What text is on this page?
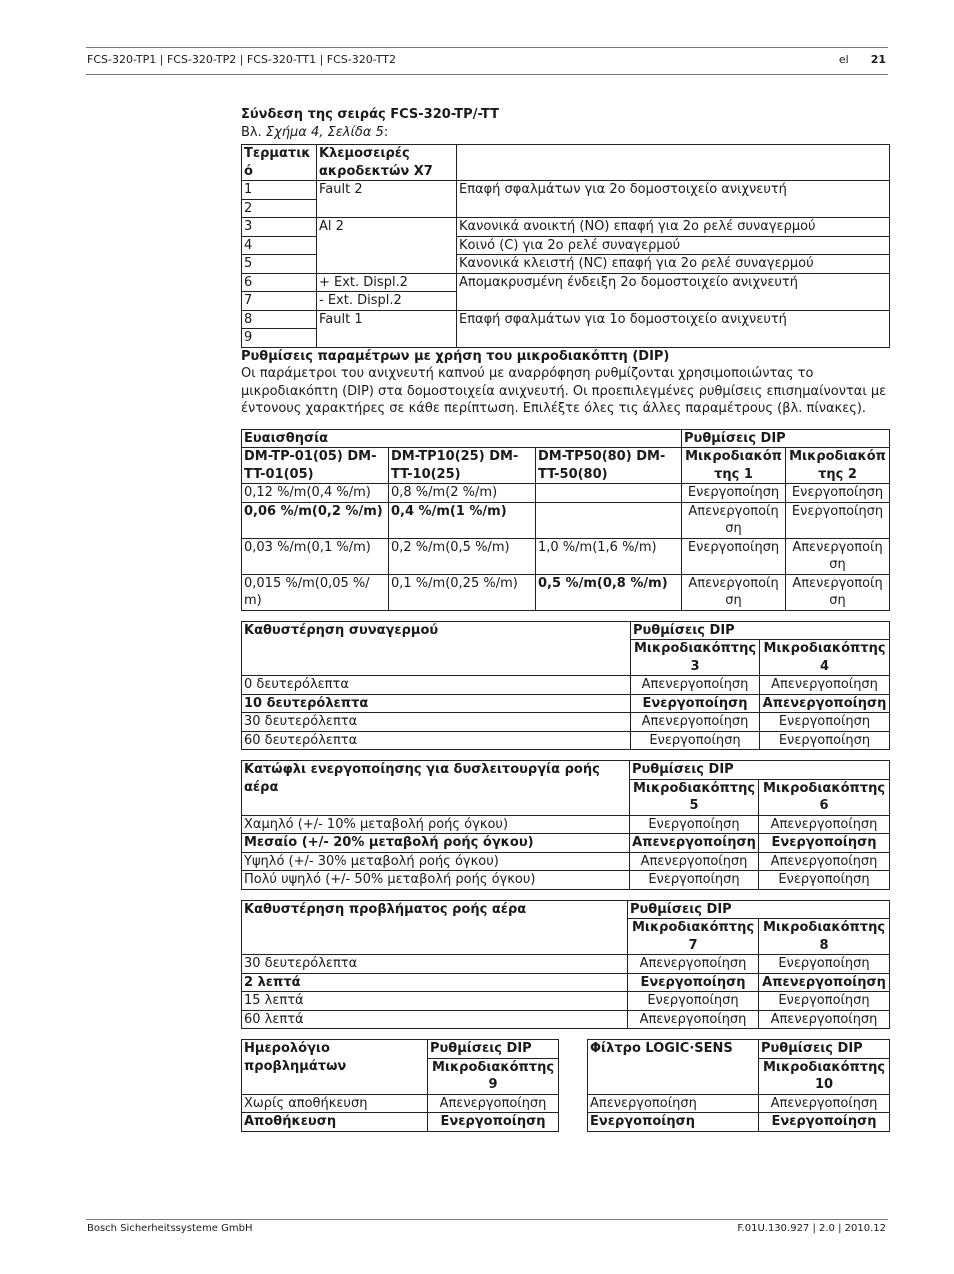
FCS-320-TP1 | FCS-320-TP2 | FCS-320-TT1 | FCS-320-TT2	el 21
Σύνδεση της σειράς FCS-320-TP/-TT

Βλ. Σχήμα 4, Σελίδα 5:

Τερματικ ό	Κλεμοσειρές ακροδεκτών X7	
1	Fault 2	Επαφή σφαλμάτων για 2ο δομοστοιχείο ανιχνευτή
2		
3	Al 2	Κανονικά ανοικτή (NO) επαφή για 2ο ρελέ συναγερμού
4		Κοινό (C) για 2ο ρελέ συναγερμού
5		Κανονικά κλειστή (NC) επαφή για 2ο ρελέ συναγερμού
6	+ Ext. Displ.2	Απομακρυσμένη ένδειξη 2ο δομοστοιχείο ανιχνευτή
7	- Ext. Displ.2	
8	Fault 1	Επαφή σφαλμάτων για 1ο δομοστοιχείο ανιχνευτή
9		
Ρυθμίσεις παραμέτρων με χρήση του μικροδιακόπτη (DIP)

Οι παράμετροι του ανιχνευτή καπνού με αναρρόφηση ρυθμίζονται χρησιμοποιώντας το μικροδιακόπτη (DIP) στα δομοστοιχεία ανιχνευτή. Οι προεπιλεγμένες ρυθμίσεις επισημαίνονται με έντονους χαρακτήρες σε κάθε περίπτωση. Επιλέξτε όλες τις άλλες παραμέτρους (βλ. πίνακες).

Ευαισθησία			Ρυθμίσεις DIP	
DM-TP-01(05) DM-TT-01(05)	DM-TP10(25) DM-TT-10(25)	DM-TP50(80) DM-TT-50(80)	Μικροδιακόπ της 1	Μικροδιακόπ της 2
0,12 %/m(0,4 %/m)	0,8 %/m(2 %/m)		Ενεργοποίηση	Ενεργοποίηση
0,06 %/m(0,2 %/m)	0,4 %/m(1 %/m)		Απενεργοποίη ση	Ενεργοποίηση
0,03 %/m(0,1 %/m)	0,2 %/m(0,5 %/m)	1,0 %/m(1,6 %/m)	Ενεργοποίηση	Απενεργοποίη ση
0,015 %/m(0,05 %/ m)	0,1 %/m(0,25 %/m)	0,5 %/m(0,8 %/m)	Απενεργοποίη ση	Απενεργοποίη ση
Καθυστέρηση συναγερμού	Ρυθμίσεις DIP	
	Μικροδιακόπτης 3	Μικροδιακόπτης 4
0 δευτερόλεπτα	Απενεργοποίηση	Απενεργοποίηση
10 δευτερόλεπτα	Ενεργοποίηση	Απενεργοποίηση
30 δευτερόλεπτα	Απενεργοποίηση	Ενεργοποίηση
60 δευτερόλεπτα	Ενεργοποίηση	Ενεργοποίηση
Κατώφλι ενεργοποίησης για δυσλειτουργία ροής αέρα	Ρυθμίσεις DIP	
	Μικροδιακόπτης 5	Μικροδιακόπτης 6
Χαμηλό (+/- 10% μεταβολή ροής όγκου)	Ενεργοποίηση	Απενεργοποίηση
Μεσαίο (+/- 20% μεταβολή ροής όγκου)	Απενεργοποίηση	Ενεργοποίηση
Υψηλό (+/- 30% μεταβολή ροής όγκου)	Απενεργοποίηση	Απενεργοποίηση
Πολύ υψηλό (+/- 50% μεταβολή ροής όγκου)	Ενεργοποίηση	Ενεργοποίηση
Καθυστέρηση προβλήματος ροής αέρα	Ρυθμίσεις DIP	
	Μικροδιακόπτης 7	Μικροδιακόπτης 8
30 δευτερόλεπτα	Απενεργοποίηση	Ενεργοποίηση
2 λεπτά	Ενεργοποίηση	Απενεργοποίηση
15 λεπτά	Ενεργοποίηση	Ενεργοποίηση
60 λεπτά	Απενεργοποίηση	Απενεργοποίηση
Ημερολόγιο προβλημάτων	Ρυθμίσεις DIP		Φίλτρο LOGIC·SENS	Ρυθμίσεις DIP
	Μικροδιακόπτης 9			Μικροδιακόπτης 10
Χωρίς αποθήκευση	Απενεργοποίηση		Απενεργοποίηση	Απενεργοποίηση
Αποθήκευση	Ενεργοποίηση		Ενεργοποίηση	Ενεργοποίηση
Bosch Sicherheitssysteme GmbH	F.01U.130.927 | 2.0 | 2010.12
